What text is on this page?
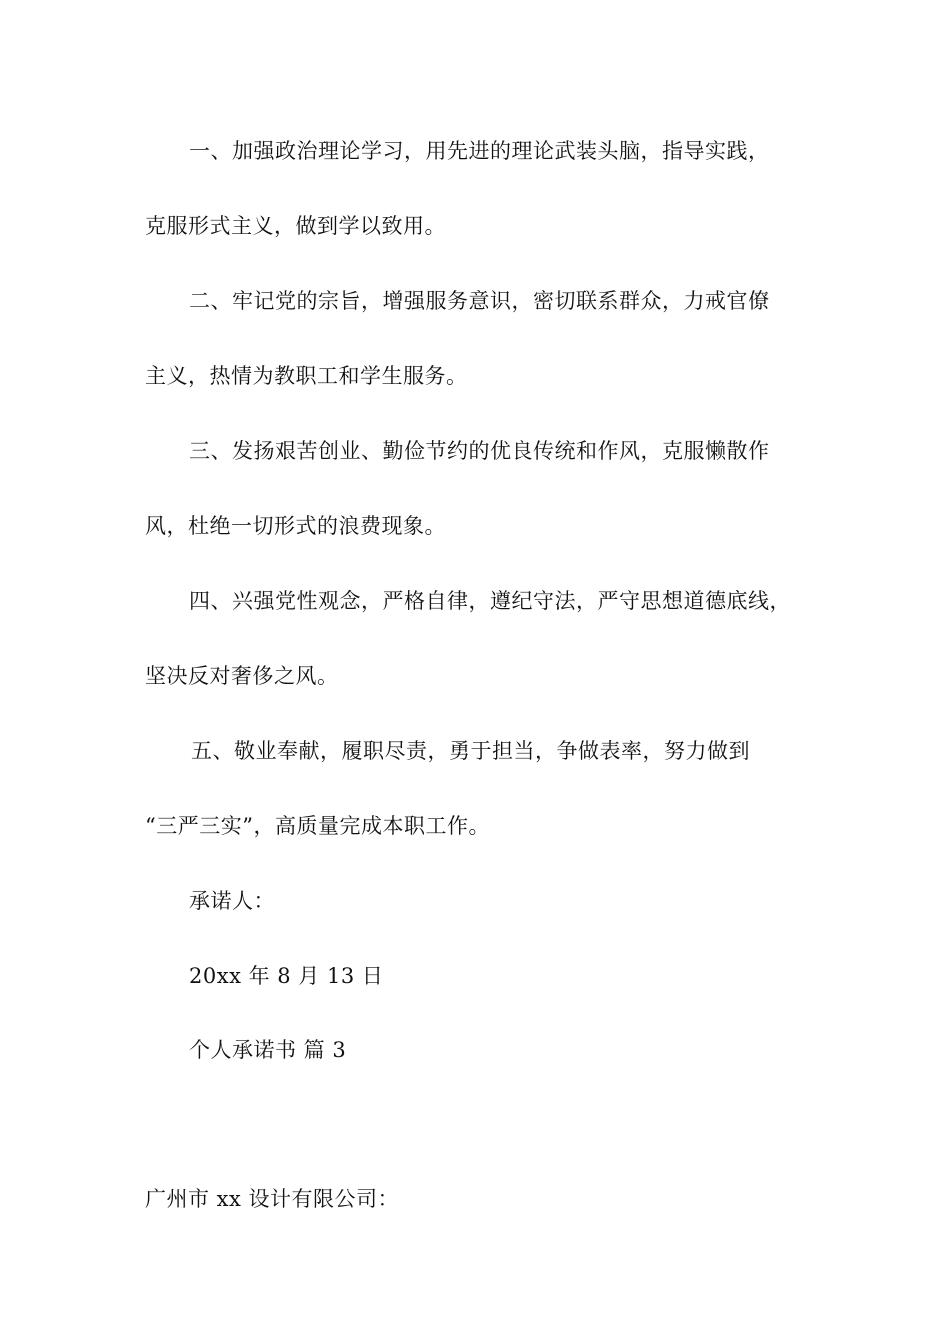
一、加强政治理论学习，用先进的理论武装头脑，指导实践，
克服形式主义，做到学以致用。
二、牢记党的宗旨，增强服务意识，密切联系群众，力戒官僚
主义，热情为教职工和学生服务。
三、发扬艰苦创业、勤俭节约的优良传统和作风，克服懒散作
风，杜绝一切形式的浪费现象。
四、兴强党性观念，严格自律，遵纪守法，严守思想道德底线，
坚决反对奢侈之风。
五、敬业奉献，履职尽责，勇于担当，争做表率，努力做到
“三严三实”，高质量完成本职工作。
承诺人：
20xx 年 8 月 13 日
个人承诺书 篇 3
广州市 xx 设计有限公司：
